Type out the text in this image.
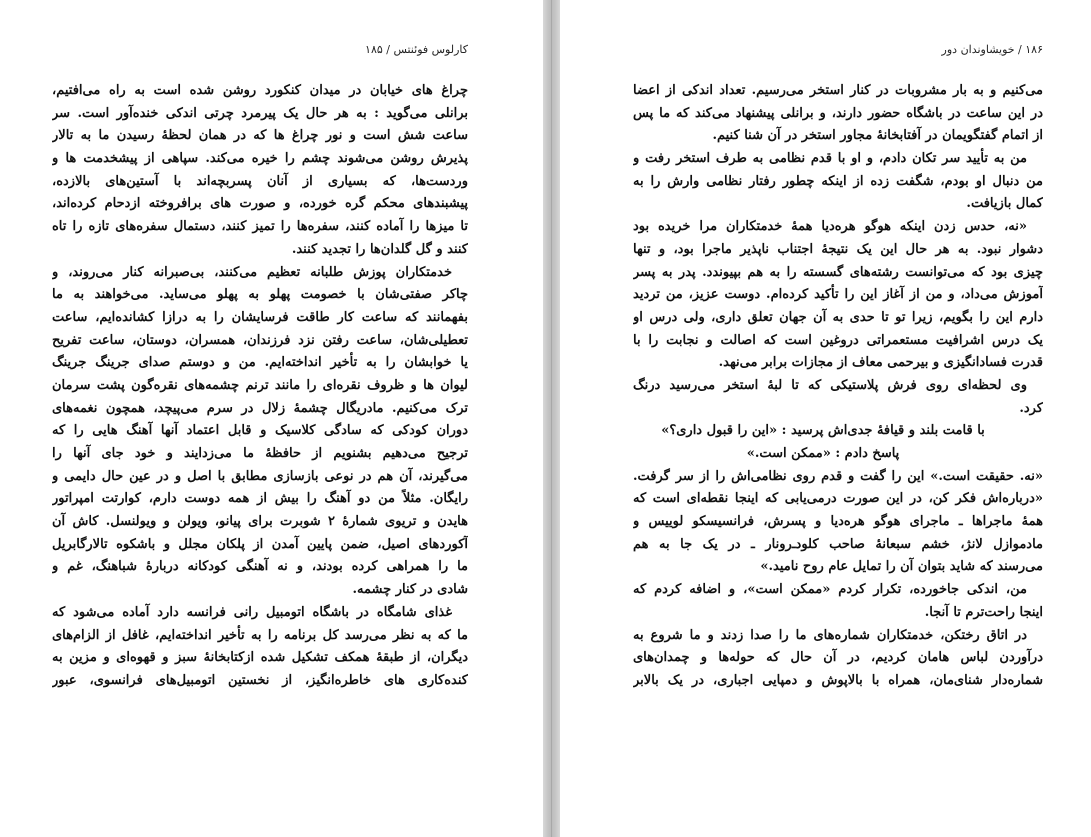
کارلوس فوئنتس / ۱۸۵
چراغ های خیابان در میدان کنکورد روشن شده است به راه می‌افتیم،
برانلی می‌گوید : به هر حال یک پیرمرد چرتی اندکی خنده‌آور است. سر
ساعت شش است و نور چراغ ها که در همان لحظهٔ رسیدن ما به تالار
پذیرش روشن می‌شوند چشم را خیره می‌کند. سپاهی از پیشخدمت ها و
وردست‌ها، که بسیاری از آنان پسربچه‌اند با آستین‌های بالازده،
پیشبندهای محکم گره خورده، و صورت های برافروخته ازدحام کرده‌اند،
تا میزها را آماده کنند، سفره‌ها را تمیز کنند، دستمال سفره‌های تازه را تاه
کنند و گل گلدان‌ها را تجدید کنند.
خدمتکاران پوزش طلبانه تعظیم می‌کنند، بی‌صبرانه کنار می‌روند، و
چاکر صفتی‌شان با خصومت پهلو به پهلو می‌ساید. می‌خواهند به ما
بفهمانند که ساعت کار طاقت فرسایشان را به درازا کشانده‌ایم، ساعت
تعطیلی‌شان، ساعت رفتن نزد فرزندان، همسران، دوستان، ساعت تفریح
یا خوابشان را به تأخیر انداخته‌ایم. من و دوستم صدای جرینگ جرینگ
لیوان ها و ظروف نقره‌ای را مانند ترنم چشمه‌های نقره‌گون پشت سرمان
ترک می‌کنیم. مادریگال چشمهٔ زلال در سرم می‌پیچد، همچون نغمه‌های
دوران کودکی که سادگی کلاسیک و قابل اعتماد آنها آهنگ هایی را که
ترجیح می‌دهیم بشنویم از حافظهٔ ما می‌زدایند و خود جای آنها را
می‌گیرند، آن هم در نوعی بازسازی مطابق با اصل و در عین حال دایمی و
رایگان. مثلاً من دو آهنگ را بیش از همه دوست دارم، کوارتت امپراتور
هایدن و تریوی شمارهٔ ۲ شوبرت برای پیانو، ویولن و ویولنسل. کاش آن
آکوردهای اصیل، ضمن پایین آمدن از پلکان مجلل و باشکوه تالارگابریل
ما را همراهی کرده بودند، و نه آهنگی کودکانه دربارهٔ شباهنگ، غم و
شادی در کنار چشمه.
غذای شامگاه در باشگاه اتومبیل رانی فرانسه دارد آماده می‌شود که
ما که به نظر می‌رسد کل برنامه را به تأخیر انداخته‌ایم، غافل از الزام‌های
دیگران، از طبقهٔ همکف تشکیل شده ازکتابخانهٔ سبز و قهوه‌ای و مزین به
کنده‌کاری های خاطره‌انگیز، از نخستین اتومبیل‌های فرانسوی، عبور
۱۸۶ / خویشاوندان دور
می‌کنیم و به بار مشروبات در کنار استخر می‌رسیم. تعداد اندکی از اعضا
در این ساعت در باشگاه حضور دارند، و برانلی پیشنهاد می‌کند که ما پس
از اتمام گفتگویمان در آفتابخانهٔ مجاور استخر در آن شنا کنیم.
من به تأیید سر تکان دادم، و او با قدم نظامی به طرف استخر رفت و
من دنبال او بودم، شگفت زده از اینکه چطور رفتار نظامی وارش را به
کمال بازیافت.
«نه، حدس زدن اینکه هوگو هره‌دیا همهٔ خدمتکاران مرا خریده بود
دشوار نبود. به هر حال این یک نتیجهٔ اجتناب ناپذیر ماجرا بود، و تنها
چیزی بود که می‌توانست رشته‌های گسسته را به هم بپیوندد. پدر به پسر
آموزش می‌داد، و من از آغاز این را تأکید کرده‌ام. دوست عزیز، من تردید
دارم این را بگویم، زیرا تو تا حدی به آن جهان تعلق داری، ولی درس او
یک درس اشرافیت مستعمراتی دروغین است که اصالت و نجابت را با
قدرت فسادانگیزی و بیرحمی معاف از مجازات برابر می‌نهد.
وی لحظه‌ای روی فرش پلاستیکی که تا لبهٔ استخر می‌رسید درنگ
کرد.
با قامت بلند و قیافهٔ جدی‌اش پرسید : «این را قبول داری؟»
پاسخ دادم : «ممکن است.»
«نه. حقیقت است.» این را گفت و قدم روی نظامی‌اش را از سر گرفت.
«درباره‌اش فکر کن، در این صورت درمی‌یابی که اینجا نقطه‌ای است که
همهٔ ماجراها ـ ماجرای هوگو هره‌دیا و پسرش، فرانسیسکو لوییس و
مادموازل لانژ، خشم سبعانهٔ صاحب کلود‌ـ‌رونار ـ در یک جا به هم
می‌رسند که شاید بتوان آن را تمایل عام روح نامید.»
من، اندکی جاخورده، تکرار کردم «ممکن است»، و اضافه کردم که
اینجا راحت‌ترم تا آنجا.
در اتاق رختکن، خدمتکاران شماره‌های ما را صدا زدند و ما شروع به
درآوردن لباس هامان کردیم، در آن حال که حوله‌ها و چمدان‌های
شماره‌دار شنای‌مان، همراه با بالاپوش و دمپایی اجباری، در یک بالابر
